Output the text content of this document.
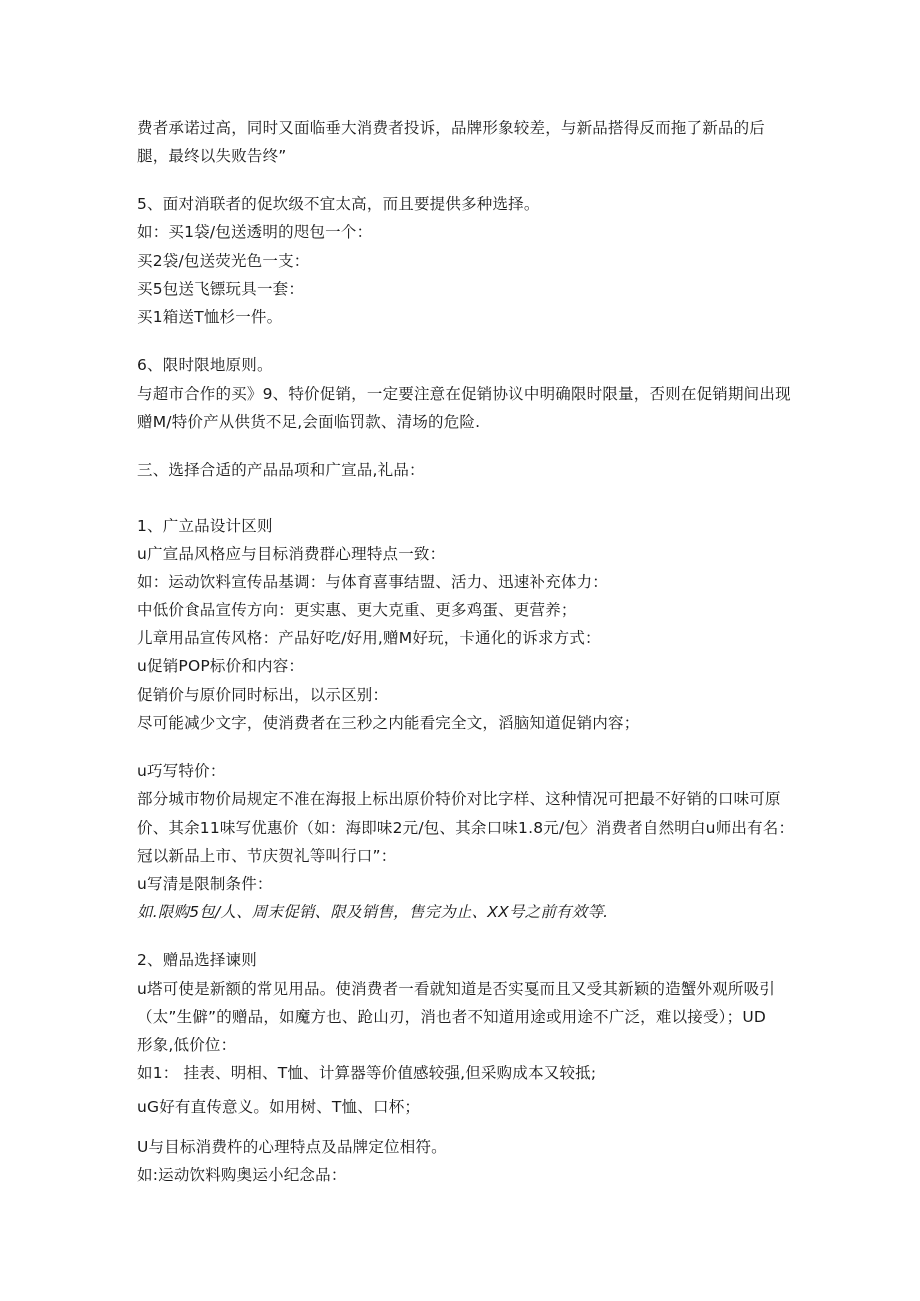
费者承诺过高，同时又面临垂大消费者投诉，品牌形象较差，与新品搭得反而拖了新品的后
腿，最终以失败告终”
5、面对消联者的促坎级不宜太高，而且要提供多种选择。
如：买1袋/包送透明的咫包一个：
买2袋/包送荧光色一支：
买5包送飞镖玩具一套：
买1箱送T恤杉一件。
6、限时限地原则。
与超市合作的买》9、特价促销，一定要注意在促销协议中明确限时限量，否则在促销期间出现
赠M/特价产从供货不足,会面临罚款、清场的危险.
三、选择合适的产品品项和广宣品,礼品：
1、广立品设计区则
u广宣品风格应与目标消费群心理特点一致：
如：运动饮料宣传品基调：与体育喜事结盟、活力、迅速补充体力：
中低价食品宣传方向：更实惠、更大克重、更多鸡蛋、更营养；
儿章用品宣传风格：产品好吃/好用,赠M好玩，卡通化的诉求方式：
u促销POP标价和内容：
促销价与原价同时标出，以示区别：
尽可能减少文字，使消费者在三秒之内能看完全文，滔脑知道促销内容；
u巧写特价：
部分城市物价局规定不准在海报上标出原价特价对比字样、这种情况可把最不好销的口味可原
价、其余11味写优惠价（如：海即味2元/包、其余口味1.8元/包〉消费者自然明白u师出有名：
冠以新品上市、节庆贺礼等叫行口”：
u写清是限制条件：
如.限购5包/人、周末促销、限及销售，售完为止、XX号之前有效等.
2、赠品选择谏则
u塔可使是新额的常见用品。使消费者一看就知道是否实戛而且又受其新颖的造蟹外观所吸引
（太”生僻”的赠品，如魔方也、跄山刃，消也者不知道用途或用途不广泛，难以接受）；UD
形象,低价位：
如1： 挂表、明相、T恤、计算器等价值感较强,但采购成本又较抵;
uG好有直传意义。如用树、T恤、口杯；
U与目标消费杵的心理特点及品牌定位相符。
如:运动饮料购奥运小纪念品：
